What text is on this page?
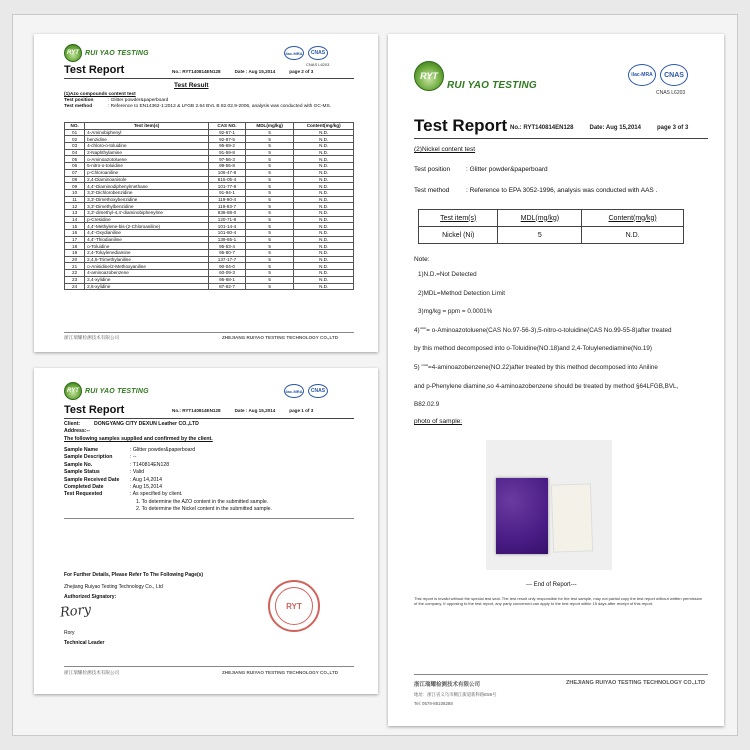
RYT RUI YAO TESTING	ilac-MRA	CNAS
CNAS L6203
Test Report	No.: RYT140814EN128	Date : Aug 15,2014	page 2 of 3
Test Result
(1)Azo compounds content test
Test position	: Glitter powder&paperboard
Test method	: Reference to EN14362-1:2012 & LFGB 2.64 BVL B 82.02.9-2006, analysis was conducted with GC-MS.
NO.	Test item(s)	CAS NO.	MDL(mg/kg)	Content(mg/kg)
01	4-Aminobiphenyl	92-67-1	5	N.D.
02	benzidine	92-87-5	5	N.D.
03	4-chloro-o-toluidine	95-69-2	5	N.D.
04	2-Naphthylamine	91-59-8	5	N.D.
05	o-Aminoazotoluene	97-56-3	5	N.D.
06	5-nitro-o-toluidine	99-55-8	5	N.D.
07	p-Chloroaniline	106-47-8	5	N.D.
08	2,4-Diaminoanisole	615-05-4	5	N.D.
09	4,4'-Diaminodiphenylmethane	101-77-9	5	N.D.
10	3,3'-Dichlorobenzidine	91-94-1	5	N.D.
11	3,3'-Dimethoxybenzidine	119-90-4	5	N.D.
12	3,3'-Dimethylbenzidine	119-93-7	5	N.D.
13	3,3'-dimethyl-4,4'-diaminobiphenylme	838-88-0	5	N.D.
14	p-Cresidine	120-71-8	5	N.D.
15	4,4'-Methylene-bis-(2-Chloroaniline)	101-14-4	5	N.D.
16	4,4'-Oxydianiline	101-80-4	5	N.D.
17	4,4'-Thiodianiline	139-65-1	5	N.D.
18	o-Toluidine	95-53-4	5	N.D.
19	2,4-Toluylenediamine	95-80-7	5	N.D.
20	2,4,5-Trimethylaniline	137-17-7	5	N.D.
21	o-Anisidine/2-Methoxyaniline	90-04-0	5	N.D.
22	4-aminoazobenzene	60-09-3	5	N.D.
23	2,4-xylidine	95-68-1	5	N.D.
24	2,6-xylidine	87-62-7	5	N.D.
浙江瑞耀检测技术有限公司	ZHEJIANG RUIYAO TESTING TECHNOLOGY CO.,LTD
RYT RUI YAO TESTING	ilac-MRA	CNAS
Test Report	No.: RYT140814EN128	Date : Aug 15,2014	page 1 of 3
Client:	DONGYANG CITY DEXUN Leather CO.,LTD
Address:--
The following samples supplied and confirmed by the client.
Sample Name	: Glitter powder&paperboard
Sample Description	: --
Sample No.	: T140814EN128
Sample Status	: Valid
Sample Received Date	: Aug 14,2014
Completed Date	: Aug 15,2014
Test Requested	: As specified by client.
1. To determine the AZO content in the submitted sample.
2. To determine the Nickel content in the submitted sample.
For Further Details, Please Refer To The Following Page(s)
Zhejiang Ruiyao Testing Technology Co., Ltd
Authorized Signatory:
Rory
Rory
Technical Leader
RYT
浙江瑞耀检测技术有限公司	ZHEJIANG RUIYAO TESTING TECHNOLOGY CO.,LTD
RYT
RUI YAO TESTING
ilac-MRA	CNAS
CNAS L6203
Test Report No.: RYT140814EN128	Date: Aug 15,2014	page 3 of 3
(2)Nickel content test
Test position : Glitter powder&paperboard
Test method	: Reference to EPA 3052-1996, analysis was conducted with AAS .
Test item(s)	MDL(mg/kg)	Content(mg/kg)
Nickel (Ni)	5	N.D.
Note:
1)N.D.=Not Detected
2)MDL=Method Detection Limit
3)mg/kg = ppm = 0.0001%
4)"""= o-Aminoazotoluene(CAS No.97-56-3),5-nitro-o-toluidine(CAS No.99-55-8)after treated
by this method decomposed into o-Toluidine(NO.18)and 2,4-Toluylenediamine(No.19)
5) """=4-aminoazobenzene(NO.22)after treated by this method decomposed into Aniline
and p-Phenylene diamine,so 4-aminoazobenzene should be treated by method §64LFGB,BVL,
B82.02.9
photo of sample:
--- End of Report---
This report is invalid without the special test seal. The test result only responsible for the test sample, may not partial copy the test report without written permission of the company. If opposing to the test report, any party concerned can apply to the test report within 15 days after receipt of this report.
浙江瑞耀检测技术有限公司	ZHEJIANG RUIYAO TESTING TECHNOLOGY CO.,LTD
地址：浙江省义乌市稠江街道新科路E58号
Tel: 0579-85108288
